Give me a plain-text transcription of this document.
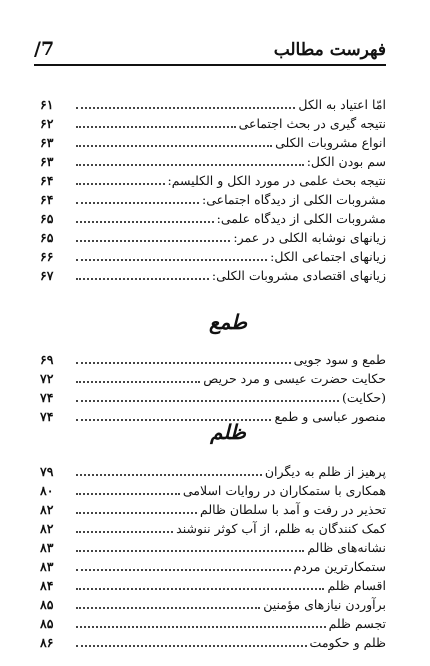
فهرست مطالب
7/
امّا اعتیاد به الکل
۶۱
نتیجه گیری در بحث اجتماعی
۶۲
انواع مشروبات الکلی
۶۳
سم بودن الکل:
۶۳
نتیجه بحث علمی در مورد الکل و الکلیسم:
۶۴
مشروبات الکلی از دیدگاه اجتماعی:
۶۴
مشروبات الکلی از دیدگاه علمی:
۶۵
زیانهای نوشابه الکلی در عمر:
۶۵
زیانهای اجتماعی الکل:
۶۶
زیانهای اقتصادی مشروبات الکلی:
۶۷
طمع
طمع و سود جویی
۶۹
حکایت حضرت عیسی و مرد حریص
۷۲
(حکایت)
۷۴
منصور عباسی و طمع
۷۴
ظلم
پرهیز از ظلم به دیگران
۷۹
همکاری با ستمکاران در روایات اسلامی
۸۰
تحذیر در رفت و آمد با سلطان ظالم
۸۲
کمک کنندگان به ظلم، از آب کوثر ننوشند
۸۲
نشانه‌های ظالم
۸۳
ستمکارترین مردم
۸۳
اقسام ظلم
۸۴
برآوردن نیازهای مؤمنین
۸۵
تجسم ظلم
۸۵
ظلم و حکومت
۸۶
